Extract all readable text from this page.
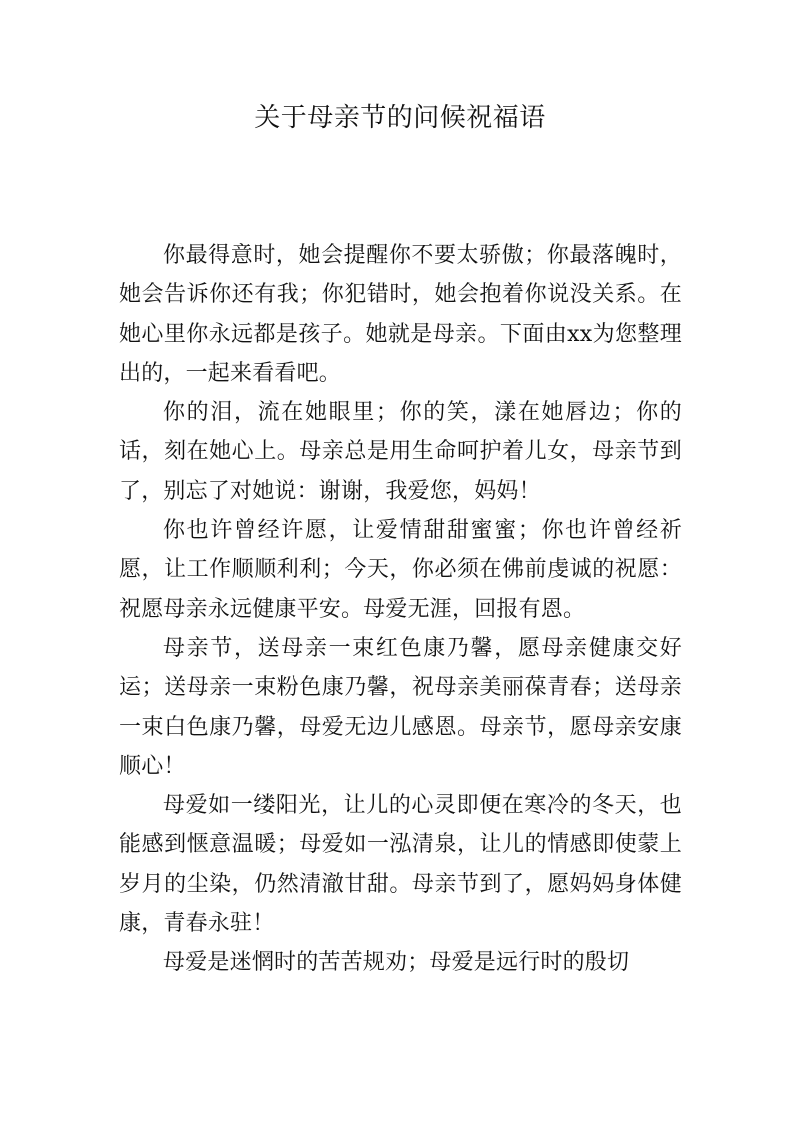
关于母亲节的问候祝福语

你最得意时，她会提醒你不要太骄傲；你最落魄时，她会告诉你还有我；你犯错时，她会抱着你说没关系。在她心里你永远都是孩子。她就是母亲。下面由xx为您整理出的，一起来看看吧。

你的泪，流在她眼里；你的笑，漾在她唇边；你的话，刻在她心上。母亲总是用生命呵护着儿女，母亲节到了，别忘了对她说：谢谢，我爱您，妈妈！

你也许曾经许愿，让爱情甜甜蜜蜜；你也许曾经祈愿，让工作顺顺利利；今天，你必须在佛前虔诚的祝愿：祝愿母亲永远健康平安。母爱无涯，回报有恩。

母亲节，送母亲一束红色康乃馨，愿母亲健康交好运；送母亲一束粉色康乃馨，祝母亲美丽葆青春；送母亲一束白色康乃馨，母爱无边儿感恩。母亲节，愿母亲安康顺心！

母爱如一缕阳光，让儿的心灵即便在寒冷的冬天，也能感到惬意温暖；母爱如一泓清泉，让儿的情感即使蒙上岁月的尘染，仍然清澈甘甜。母亲节到了，愿妈妈身体健康，青春永驻！

母爱是迷惘时的苦苦规劝；母爱是远行时的殷切
